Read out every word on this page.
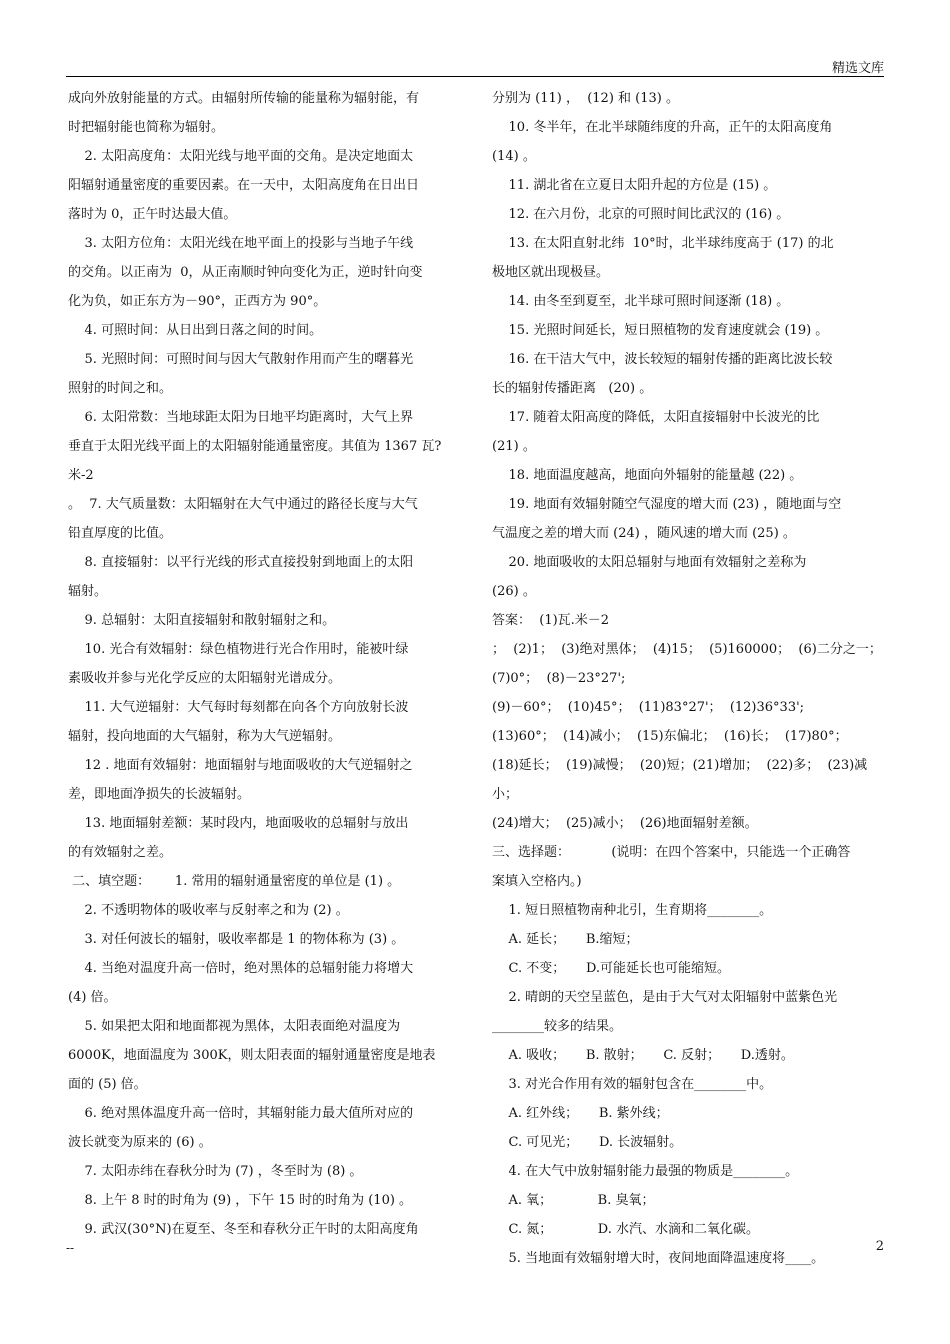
精选文库

成向外放射能量的方式。由辐射所传输的能量称为辐射能，有

时把辐射能也简称为辐射。

2. 太阳高度角：太阳光线与地平面的交角。是决定地面太

阳辐射通量密度的重要因素。在一天中，太阳高度角在日出日

落时为 0，正午时达最大值。

3. 太阳方位角：太阳光线在地平面上的投影与当地子午线

的交角。以正南为  0，从正南顺时钟向变化为正，逆时针向变

化为负，如正东方为－90°，正西方为 90°。

4. 可照时间：从日出到日落之间的时间。

5. 光照时间：可照时间与因大气散射作用而产生的曙暮光

照射的时间之和。

6. 太阳常数：当地球距太阳为日地平均距离时，大气上界

垂直于太阳光线平面上的太阳辐射能通量密度。其值为 1367 瓦?

米-2

。  7. 大气质量数：太阳辐射在大气中通过的路径长度与大气

铅直厚度的比值。

8. 直接辐射：以平行光线的形式直接投射到地面上的太阳

辐射。

9. 总辐射：太阳直接辐射和散射辐射之和。

10. 光合有效辐射：绿色植物进行光合作用时，能被叶绿

素吸收并参与光化学反应的太阳辐射光谱成分。

11. 大气逆辐射：大气每时每刻都在向各个方向放射长波

辐射，投向地面的大气辐射，称为大气逆辐射。

12 . 地面有效辐射：地面辐射与地面吸收的大气逆辐射之

差，即地面净损失的长波辐射。

13. 地面辐射差额：某时段内，地面吸收的总辐射与放出

的有效辐射之差。

二、填空题：      1. 常用的辐射通量密度的单位是 (1) 。

2. 不透明物体的吸收率与反射率之和为 (2) 。

3. 对任何波长的辐射，吸收率都是 1 的物体称为 (3) 。

4. 当绝对温度升高一倍时，绝对黑体的总辐射能力将增大

(4) 倍。

5. 如果把太阳和地面都视为黑体，太阳表面绝对温度为

6000K，地面温度为 300K，则太阳表面的辐射通量密度是地表

面的 (5) 倍。

6. 绝对黑体温度升高一倍时，其辐射能力最大值所对应的

波长就变为原来的 (6) 。

7. 太阳赤纬在春秋分时为 (7) ，冬至时为 (8) 。

8. 上午 8 时的时角为 (9) ，下午 15 时的时角为 (10) 。

9. 武汉(30°N)在夏至、冬至和春秋分正午时的太阳高度角

分别为 (11) ，  (12) 和 (13) 。

10. 冬半年，在北半球随纬度的升高，正午的太阳高度角

(14) 。

11. 湖北省在立夏日太阳升起的方位是 (15) 。

12. 在六月份，北京的可照时间比武汉的 (16) 。

13. 在太阳直射北纬  10°时，北半球纬度高于 (17) 的北

极地区就出现极昼。

14. 由冬至到夏至，北半球可照时间逐渐 (18) 。

15. 光照时间延长，短日照植物的发育速度就会 (19) 。

16. 在干洁大气中，波长较短的辐射传播的距离比波长较

长的辐射传播距离   (20) 。

17. 随着太阳高度的降低，太阳直接辐射中长波光的比

(21) 。

18. 地面温度越高，地面向外辐射的能量越 (22) 。

19. 地面有效辐射随空气湿度的增大而 (23) ，随地面与空

气温度之差的增大而 (24) ，随风速的增大而 (25) 。

20. 地面吸收的太阳总辐射与地面有效辐射之差称为

(26) 。

答案：  (1)瓦.米－2

；  (2)1；  (3)绝对黑体；  (4)15；  (5)160000；  (6)二分之一；

(7)0°；  (8)－23°27';

(9)－60°；  (10)45°；  (11)83°27'；  (12)36°33';

(13)60°；  (14)减小；  (15)东偏北；  (16)长；  (17)80°；

(18)延长；  (19)减慢；  (20)短；(21)增加；  (22)多；  (23)减小；

(24)增大；  (25)减小；  (26)地面辐射差额。

三、选择题：          (说明：在四个答案中，只能选一个正确答

案填入空格内。)

1. 短日照植物南种北引，生育期将________。

A. 延长；     B.缩短；

C. 不变；     D.可能延长也可能缩短。

2. 晴朗的天空呈蓝色，是由于大气对太阳辐射中蓝紫色光

________较多的结果。

A. 吸收；     B. 散射；     C. 反射；     D.透射。

3. 对光合作用有效的辐射包含在________中。

A. 红外线；     B. 紫外线；

C. 可见光；     D. 长波辐射。

4. 在大气中放射辐射能力最强的物质是________。

A. 氧；           B. 臭氧；

C. 氮；           D. 水汽、水滴和二氧化碳。

5. 当地面有效辐射增大时，夜间地面降温速度将____。

--	2
